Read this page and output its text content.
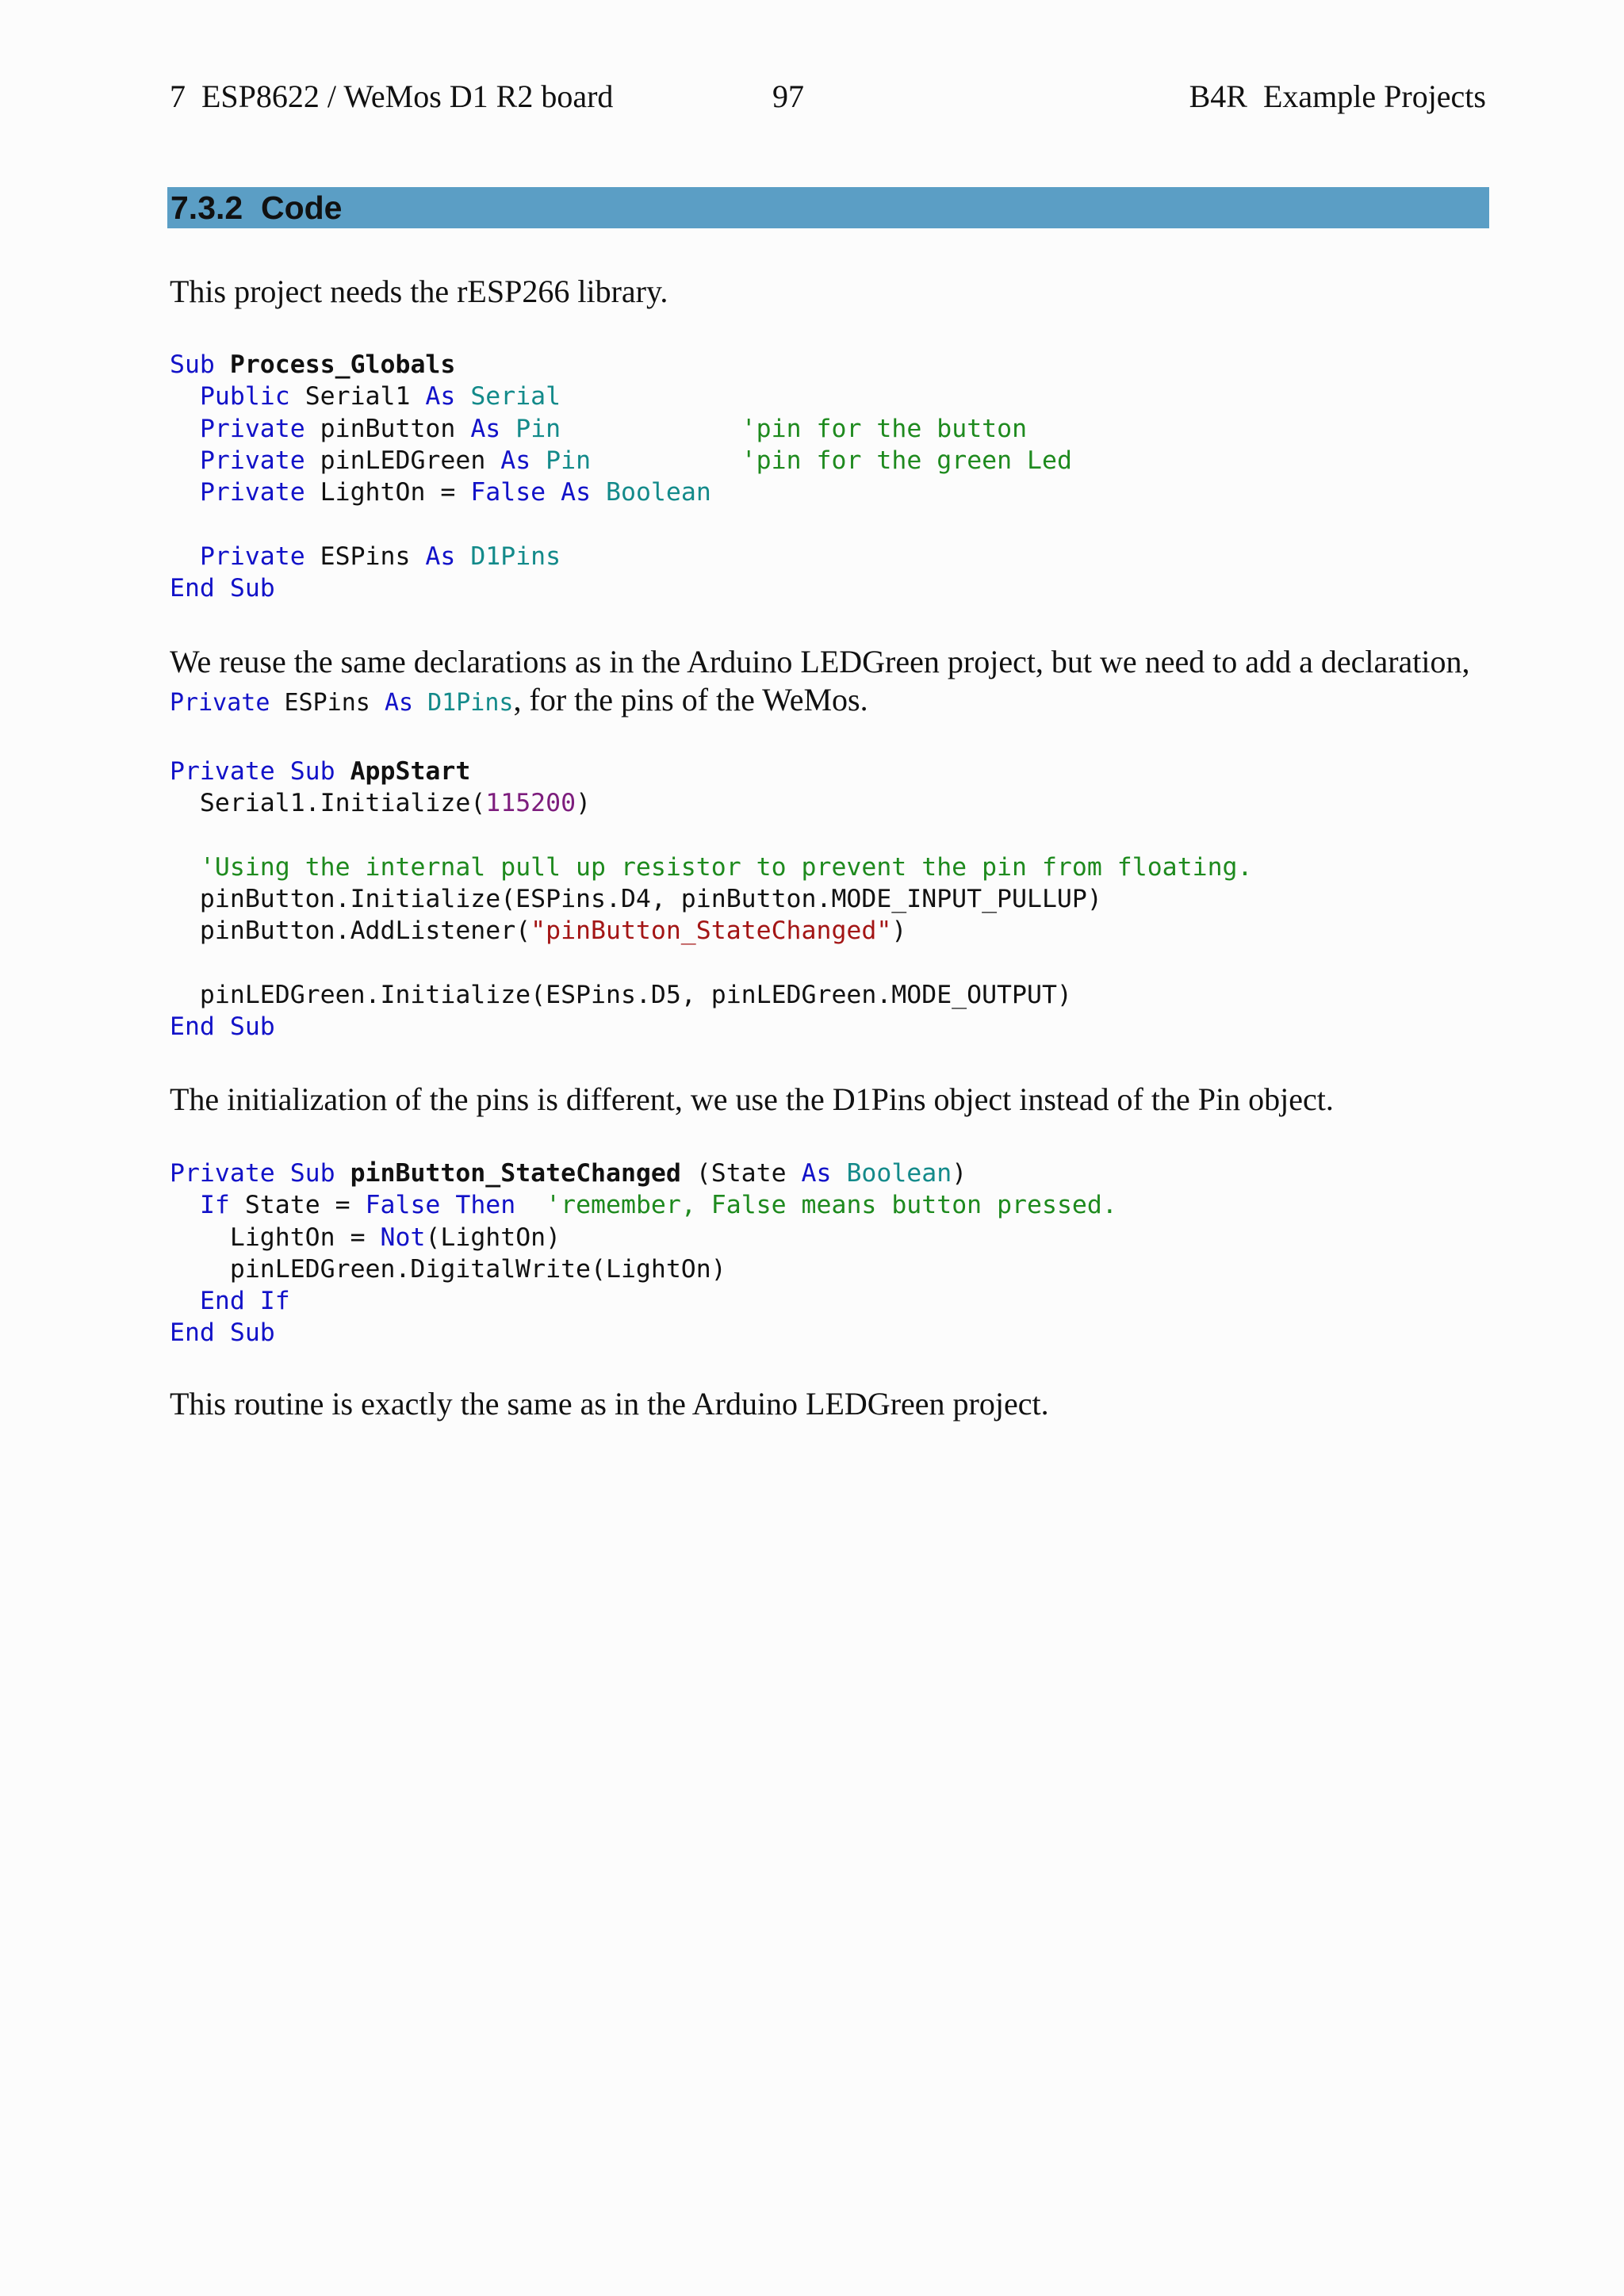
7  ESP8622 / WeMos D1 R2 board	97	B4R  Example Projects
7.3.2  Code

This project needs the rESP266 library.

Sub Process_Globals
Public Serial1 As Serial
Private pinButton As Pin	'pin for the button
Private pinLEDGreen As Pin	'pin for the green Led
Private LightOn = False As Boolean
Private ESPins As D1Pins
End Sub

We reuse the same declarations as in the Arduino LEDGreen project, but we need to add a declaration, Private ESPins As D1Pins, for the pins of the WeMos.

Private Sub AppStart
Serial1.Initialize(115200)
'Using the internal pull up resistor to prevent the pin from floating.
pinButton.Initialize(ESPins.D4, pinButton.MODE_INPUT_PULLUP)
pinButton.AddListener("pinButton_StateChanged")
pinLEDGreen.Initialize(ESPins.D5, pinLEDGreen.MODE_OUTPUT)
End Sub

The initialization of the pins is different, we use the D1Pins object instead of the Pin object.

Private Sub pinButton_StateChanged (State As Boolean)
If State = False Then 'remember, False means button pressed.
LightOn = Not(LightOn)
pinLEDGreen.DigitalWrite(LightOn)
End If
End Sub

This routine is exactly the same as in the Arduino LEDGreen project.
